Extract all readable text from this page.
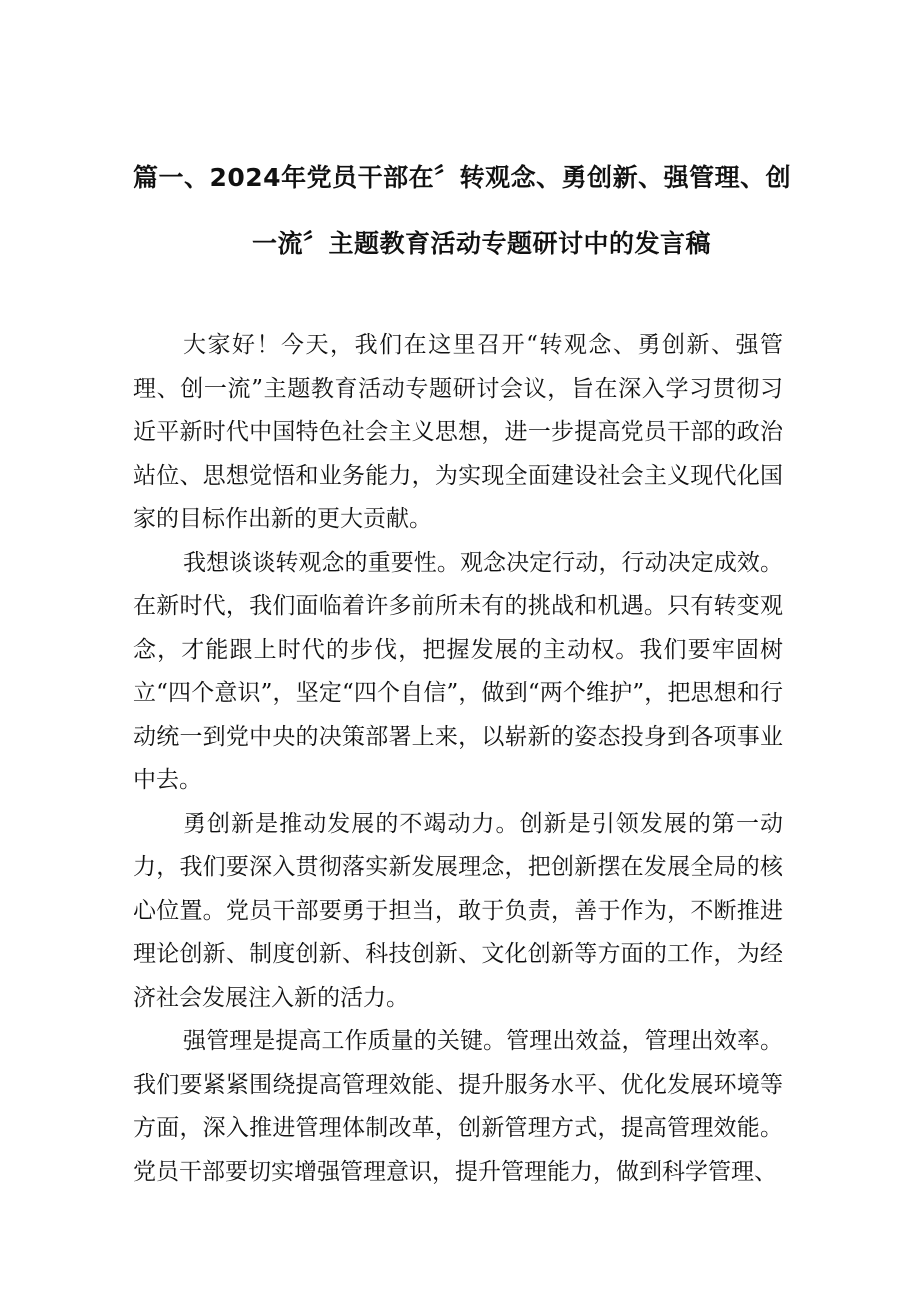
篇一、2024年党员干部在〞转观念、勇创新、强管理、创
一流〞主题教育活动专题研讨中的发言稿

大家好！今天，我们在这里召开“转观念、勇创新、强管理、创一流”主题教育活动专题研讨会议，旨在深入学习贯彻习近平新时代中国特色社会主义思想，进一步提高党员干部的政治站位、思想觉悟和业务能力，为实现全面建设社会主义现代化国家的目标作出新的更大贡献。

我想谈谈转观念的重要性。观念决定行动，行动决定成效。在新时代，我们面临着许多前所未有的挑战和机遇。只有转变观念，才能跟上时代的步伐，把握发展的主动权。我们要牢固树立“四个意识”，坚定“四个自信”，做到“两个维护”，把思想和行动统一到党中央的决策部署上来，以崭新的姿态投身到各项事业中去。

勇创新是推动发展的不竭动力。创新是引领发展的第一动力，我们要深入贯彻落实新发展理念，把创新摆在发展全局的核心位置。党员干部要勇于担当，敢于负责，善于作为，不断推进理论创新、制度创新、科技创新、文化创新等方面的工作，为经济社会发展注入新的活力。

强管理是提高工作质量的关键。管理出效益，管理出效率。我们要紧紧围绕提高管理效能、提升服务水平、优化发展环境等方面，深入推进管理体制改革，创新管理方式，提高管理效能。党员干部要切实增强管理意识，提升管理能力，做到科学管理、
